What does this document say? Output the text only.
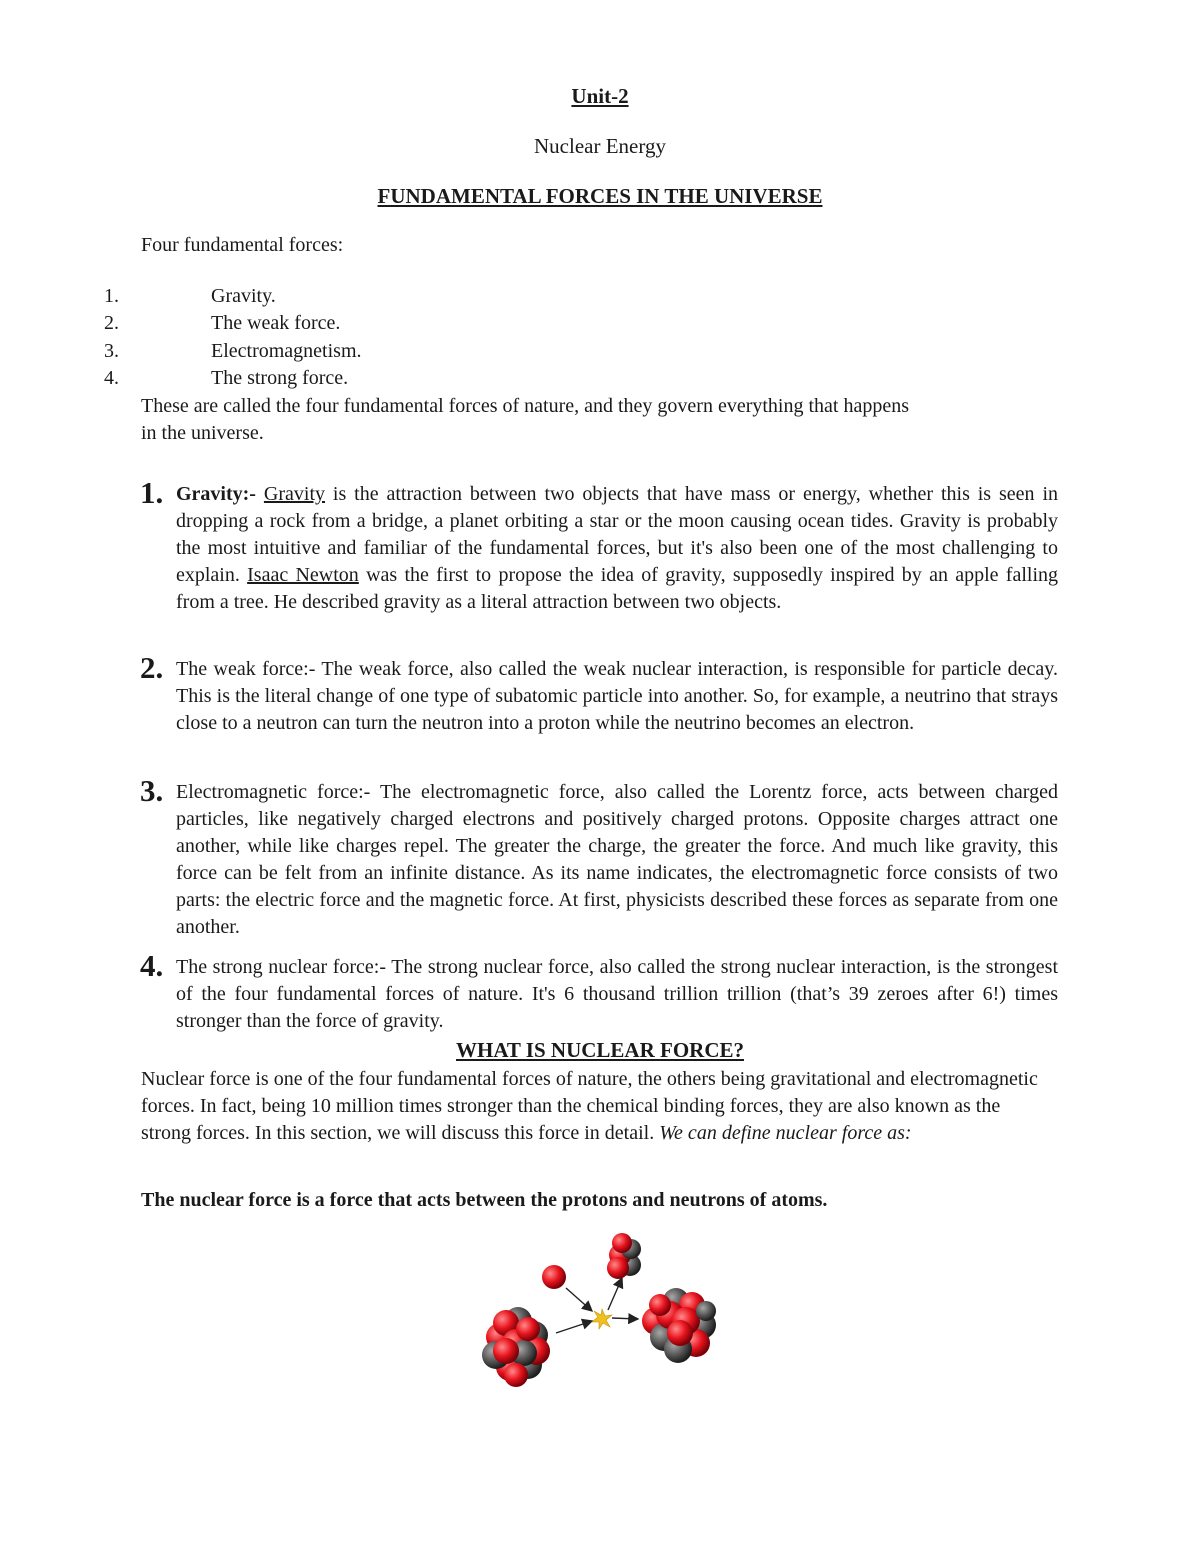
Unit-2
Nuclear Energy
FUNDAMENTAL FORCES IN THE UNIVERSE
Four fundamental forces:
1.	Gravity.
2.	The weak force.
3.	Electromagnetism.
4.	The strong force.
These are called the four fundamental forces of nature, and they govern everything that happens
in the universe.
1. Gravity:- Gravity is the attraction between two objects that have mass or energy, whether this is seen in dropping a rock from a bridge, a planet orbiting a star or the moon causing ocean tides. Gravity is probably the most intuitive and familiar of the fundamental forces, but it's also been one of the most challenging to explain. Isaac Newton was the first to propose the idea of gravity, supposedly inspired by an apple falling from a tree. He described gravity as a literal attraction between two objects.
2. The weak force:- The weak force, also called the weak nuclear interaction, is responsible for particle decay. This is the literal change of one type of subatomic particle into another. So, for example, a neutrino that strays close to a neutron can turn the neutron into a proton while the neutrino becomes an electron.
3. Electromagnetic force:- The electromagnetic force, also called the Lorentz force, acts between charged particles, like negatively charged electrons and positively charged protons. Opposite charges attract one another, while like charges repel. The greater the charge, the greater the force. And much like gravity, this force can be felt from an infinite distance. As its name indicates, the electromagnetic force consists of two parts: the electric force and the magnetic force. At first, physicists described these forces as separate from one another.
4. The strong nuclear force:- The strong nuclear force, also called the strong nuclear interaction, is the strongest of the four fundamental forces of nature. It's 6 thousand trillion trillion (that’s 39 zeroes after 6!) times stronger than the force of gravity.
WHAT IS NUCLEAR FORCE?
Nuclear force is one of the four fundamental forces of nature, the others being gravitational and electromagnetic forces. In fact, being 10 million times stronger than the chemical binding forces, they are also known as the strong forces. In this section, we will discuss this force in detail. We can define nuclear force as:
The nuclear force is a force that acts between the protons and neutrons of atoms.
